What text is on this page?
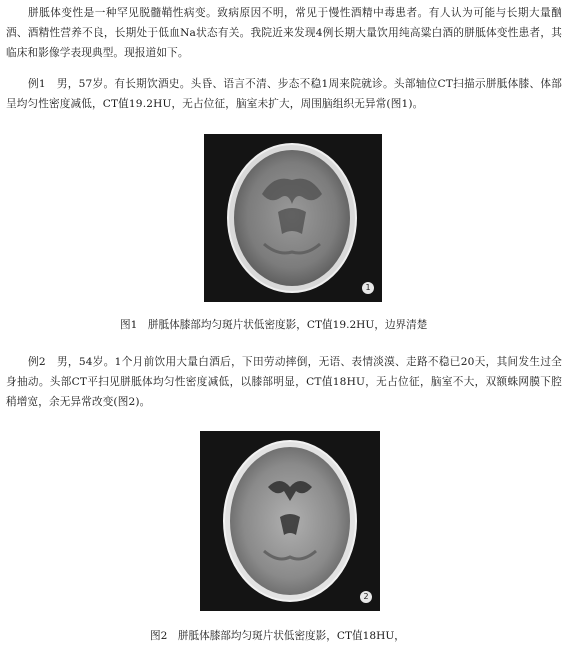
胼胝体变性是一种罕见脱髓鞘性病变。致病原因不明，常见于慢性酒精中毒患者。有人认为可能与长期大量酗酒、酒精性营养不良，长期处于低血Na状态有关。我院近来发现4例长期大量饮用纯高粱白酒的胼胝体变性患者，其临床和影像学表现典型。现报道如下。

例1　男，57岁。有长期饮酒史。头昏、语言不清、步态不稳1周来院就诊。头部轴位CT扫描示胼胝体膝、体部呈均匀性密度减低，CT值19.2HU，无占位征，脑室未扩大，周围脑组织无异常(图1)。

1

图1　胼胝体膝部均匀斑片状低密度影，CT值19.2HU，边界清楚

例2　男，54岁。1个月前饮用大量白酒后，下田劳动摔倒，无语、表情淡漠、走路不稳已20天，其间发生过全身抽动。头部CT平扫见胼胝体均匀性密度减低，以膝部明显，CT值18HU，无占位征，脑室不大，双额蛛网膜下腔稍增宽，余无异常改变(图2)。

2

图2　胼胝体膝部均匀斑片状低密度影，CT值18HU，
